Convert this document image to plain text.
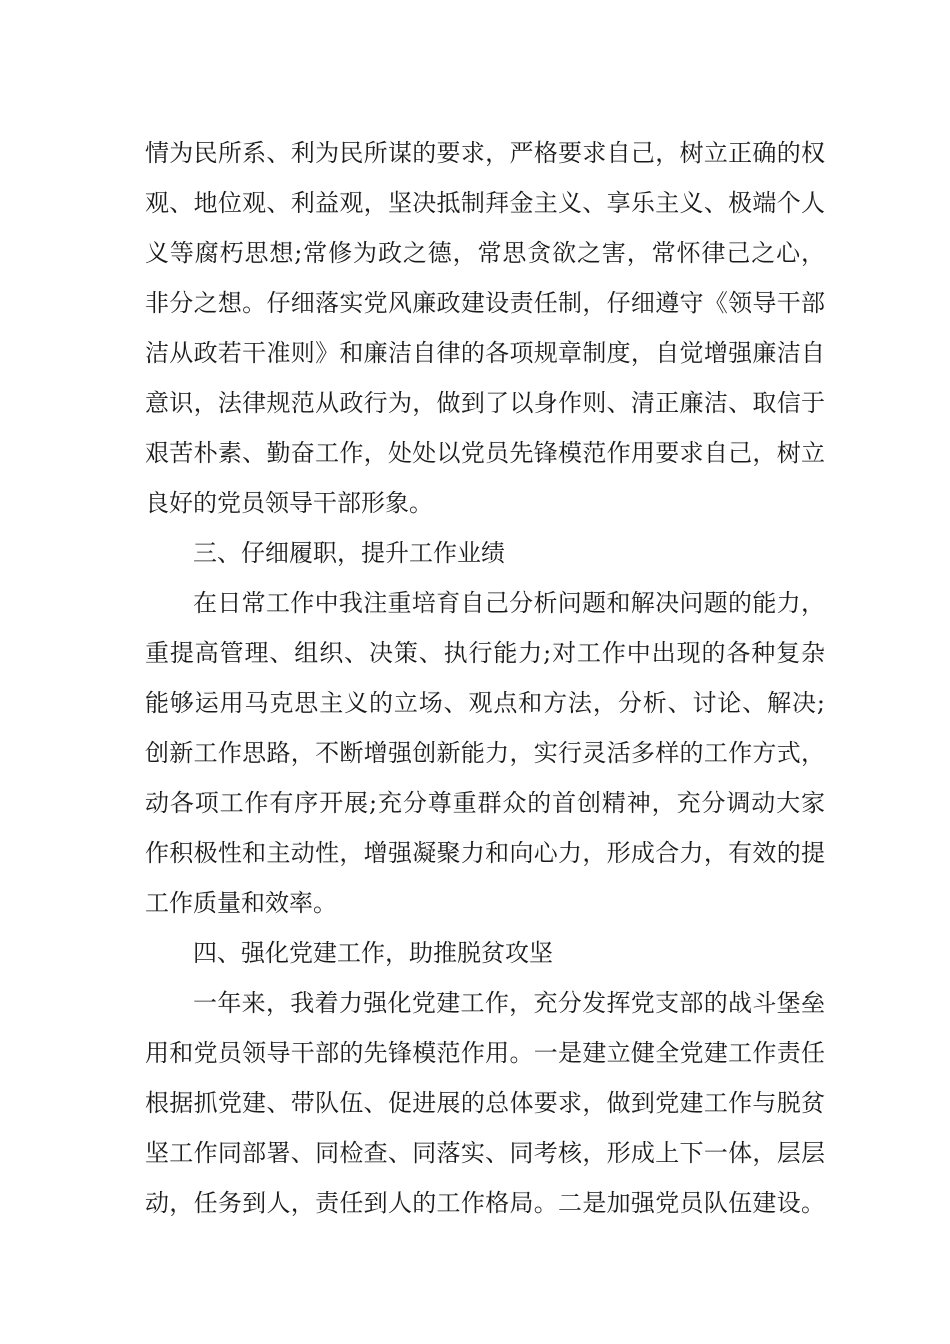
情为民所系、利为民所谋的要求，严格要求自己，树立正确的权

观、地位观、利益观，坚决抵制拜金主义、享乐主义、极端个人

义等腐朽思想;常修为政之德，常思贪欲之害，常怀律己之心，

非分之想。仔细落实党风廉政建设责任制，仔细遵守《领导干部

洁从政若干准则》和廉洁自律的各项规章制度，自觉增强廉洁自

意识，法律规范从政行为，做到了以身作则、清正廉洁、取信于

艰苦朴素、勤奋工作，处处以党员先锋模范作用要求自己，树立

良好的党员领导干部形象。

三、仔细履职，提升工作业绩

在日常工作中我注重培育自己分析问题和解决问题的能力，

重提高管理、组织、决策、执行能力;对工作中出现的各种复杂

能够运用马克思主义的立场、观点和方法，分析、讨论、解决;

创新工作思路，不断增强创新能力，实行灵活多样的工作方式，

动各项工作有序开展;充分尊重群众的首创精神，充分调动大家

作积极性和主动性，增强凝聚力和向心力，形成合力，有效的提

工作质量和效率。

四、强化党建工作，助推脱贫攻坚

一年来，我着力强化党建工作，充分发挥党支部的战斗堡垒

用和党员领导干部的先锋模范作用。一是建立健全党建工作责任

根据抓党建、带队伍、促进展的总体要求，做到党建工作与脱贫

坚工作同部署、同检查、同落实、同考核，形成上下一体，层层

动，任务到人，责任到人的工作格局。二是加强党员队伍建设。
